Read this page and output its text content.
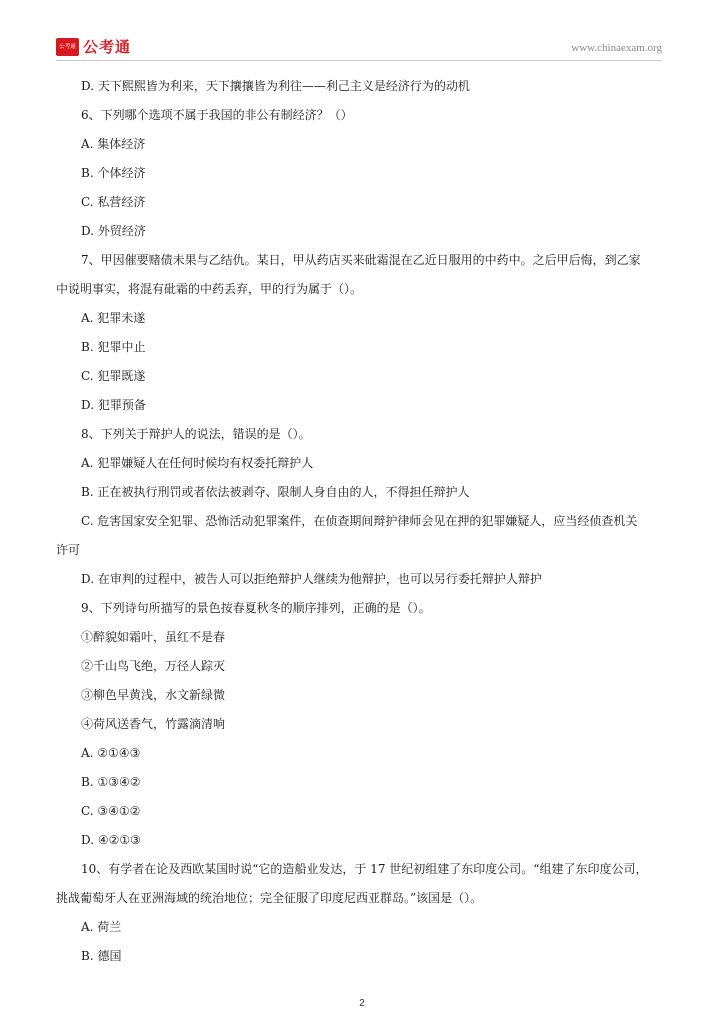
公考通 公考通	www.chinaexam.org

D. 天下熙熙皆为利来，天下攘攘皆为利往——利己主义是经济行为的动机

6、下列哪个选项不属于我国的非公有制经济？（）

A. 集体经济

B. 个体经济

C. 私营经济

D. 外贸经济

7、甲因催要赌债未果与乙结仇。某日，甲从药店买来砒霜混在乙近日服用的中药中。之后甲后悔，到乙家

中说明事实，将混有砒霜的中药丢弃，甲的行为属于（）。

A. 犯罪未遂

B. 犯罪中止

C. 犯罪既遂

D. 犯罪预备

8、下列关于辩护人的说法，错误的是（）。

A. 犯罪嫌疑人在任何时候均有权委托辩护人

B. 正在被执行刑罚或者依法被剥夺、限制人身自由的人，不得担任辩护人

C. 危害国家安全犯罪、恐怖活动犯罪案件，在侦查期间辩护律师会见在押的犯罪嫌疑人，应当经侦查机关

许可

D. 在审判的过程中，被告人可以拒绝辩护人继续为他辩护，也可以另行委托辩护人辩护

9、下列诗句所描写的景色按春夏秋冬的顺序排列，正确的是（）。

①醉貌如霜叶，虽红不是春

②千山鸟飞绝，万径人踪灭

③柳色早黄浅，水文新绿微

④荷风送香气，竹露滴清响

A. ②①④③

B. ①③④②

C. ③④①②

D. ④②①③

10、有学者在论及西欧某国时说“它的造船业发达，于 17 世纪初组建了东印度公司。“组建了东印度公司，

挑战葡萄牙人在亚洲海域的统治地位；完全征服了印度尼西亚群岛。”该国是（）。

A. 荷兰

B. 德国

2
